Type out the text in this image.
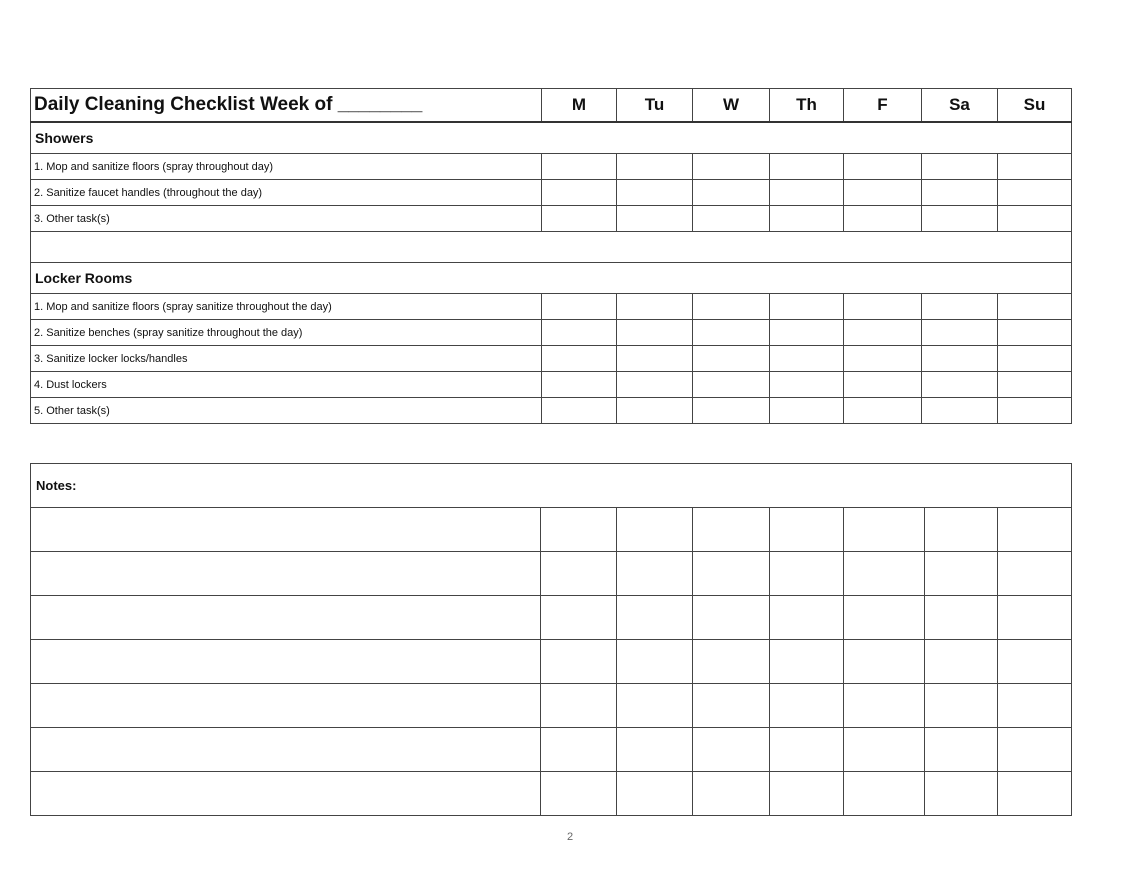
Daily Cleaning Checklist Week of ________	M	Tu	W	Th	F	Sa	Su
Showers							
1. Mop and sanitize floors (spray throughout day)							
2. Sanitize faucet handles (throughout the day)							
3. Other task(s)							

Locker Rooms							
1. Mop and sanitize floors (spray sanitize throughout the day)							
2. Sanitize benches (spray sanitize throughout the day)							
3. Sanitize locker locks/handles							
4. Dust lockers							
5. Other task(s)							
Notes:							

2
